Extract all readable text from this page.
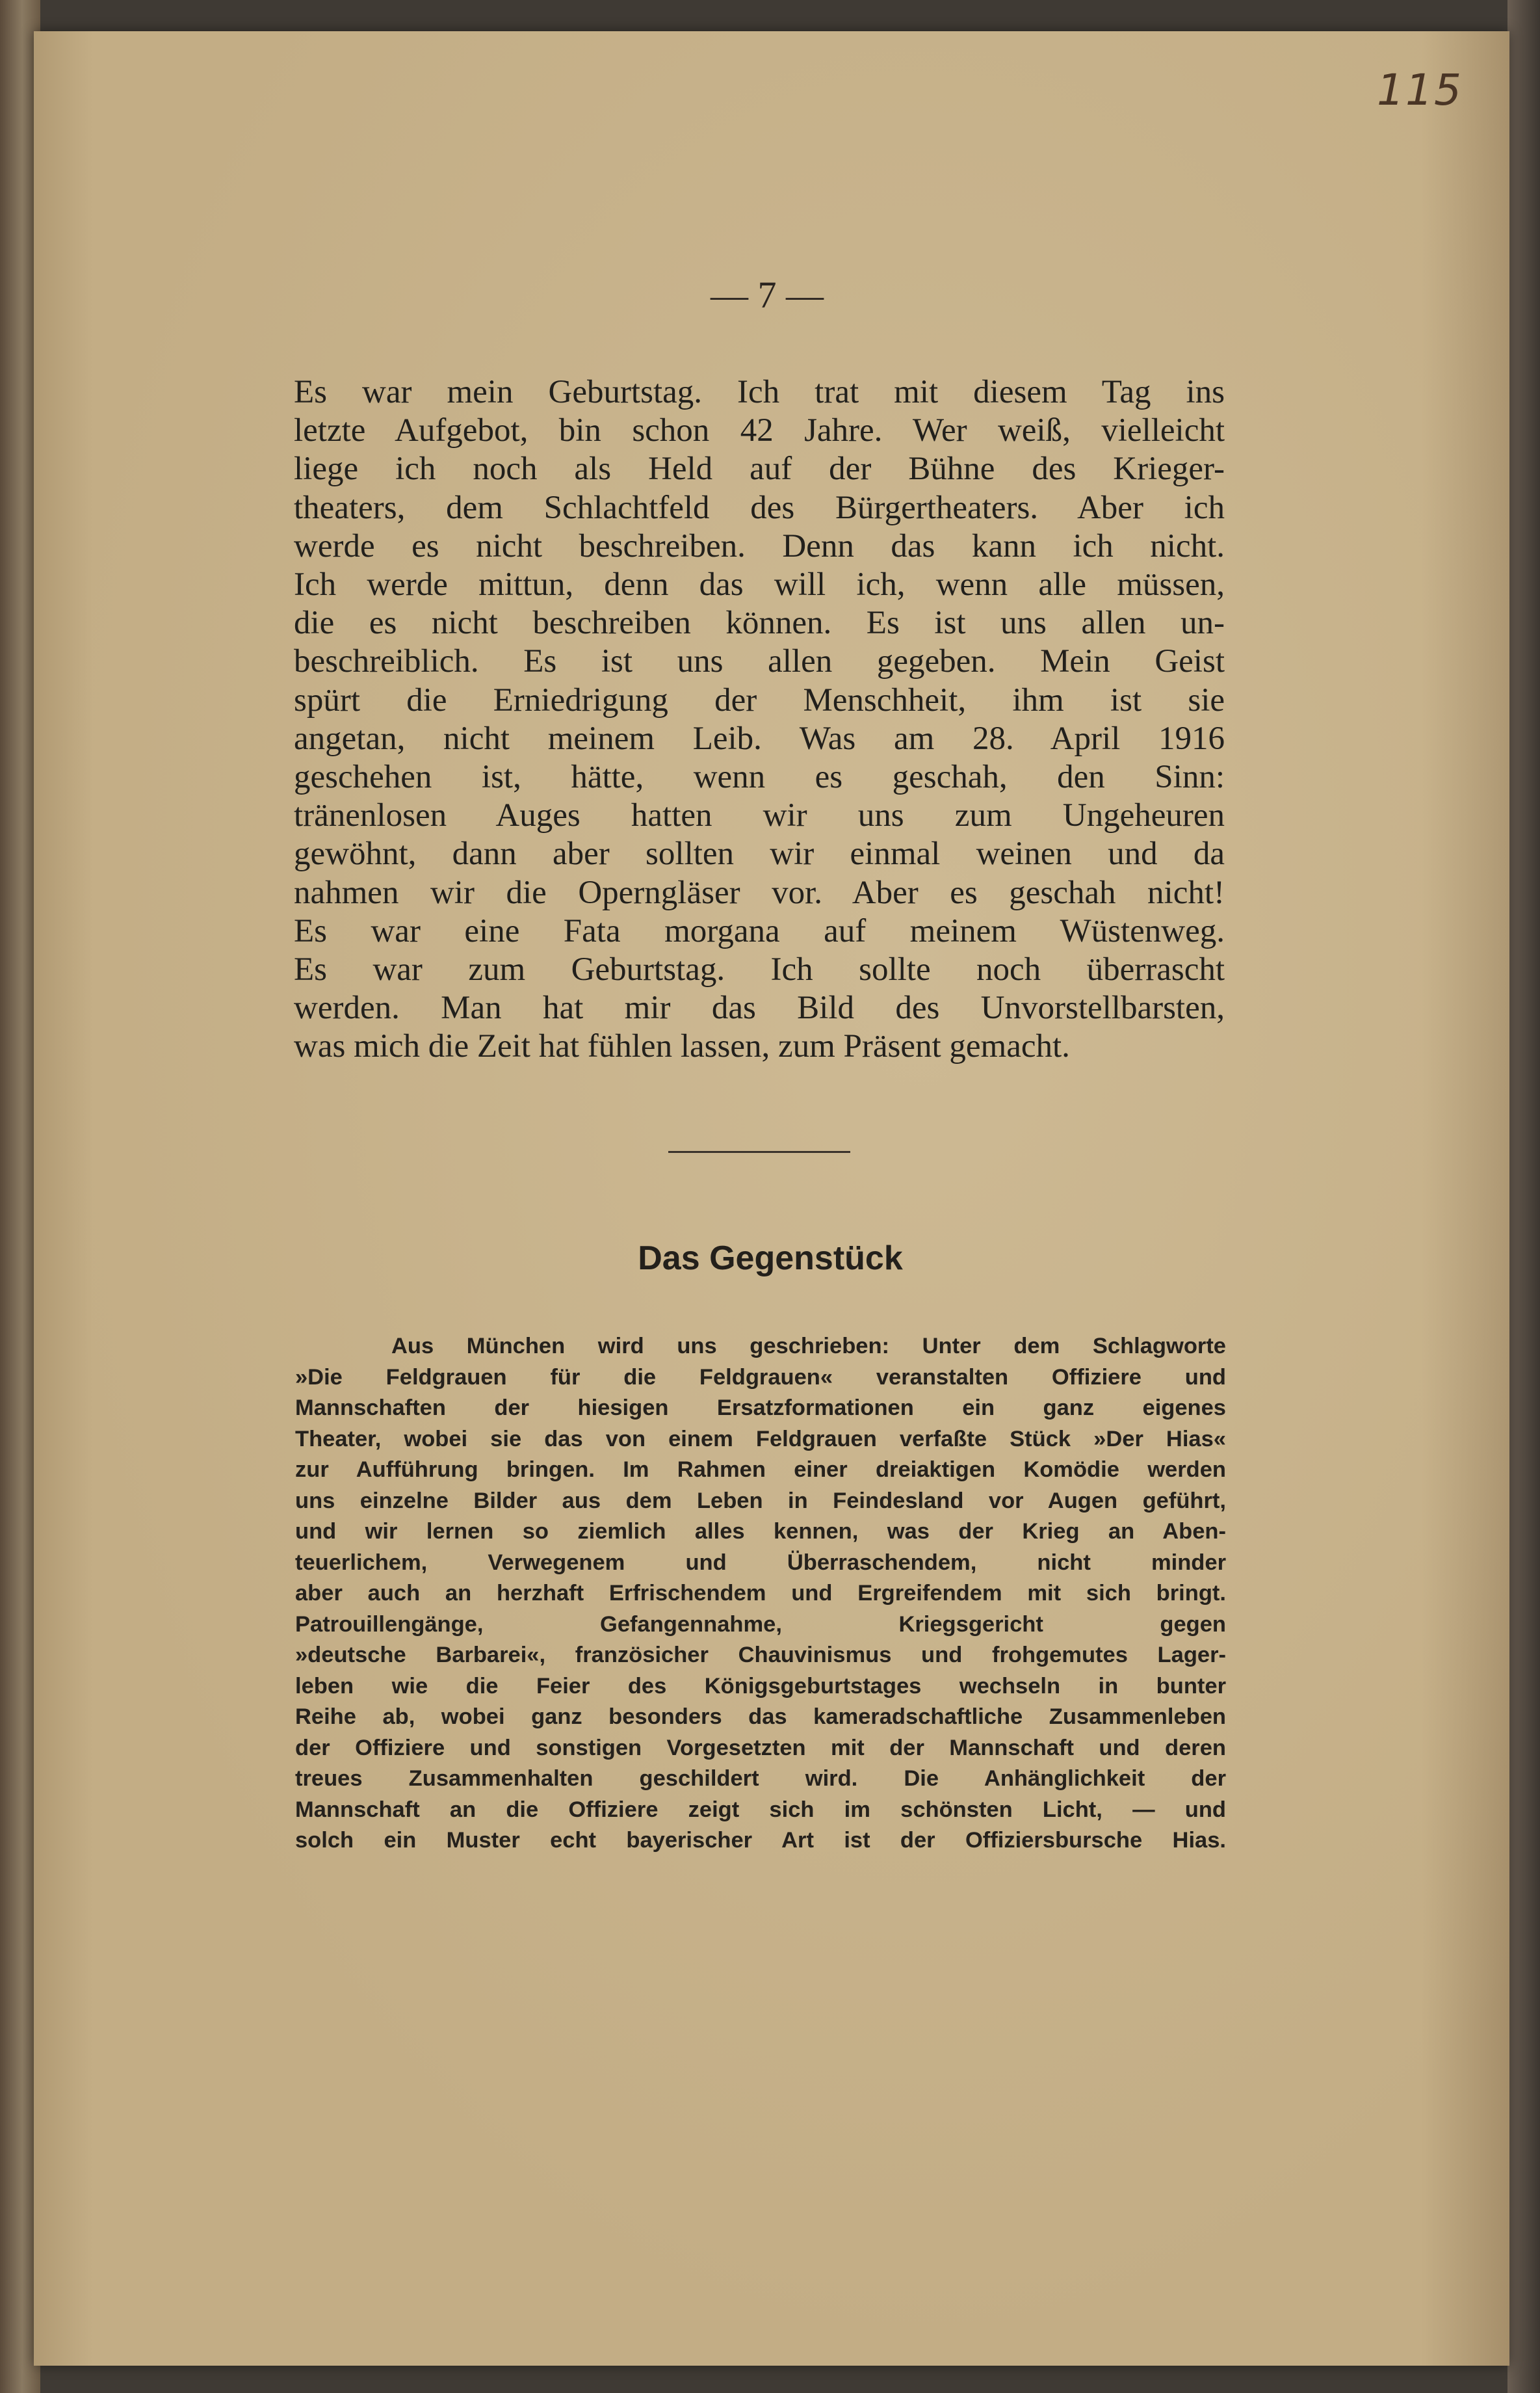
115
— 7 —
Es war mein Geburtstag. Ich trat mit diesem Tag ins
letzte Aufgebot, bin schon 42 Jahre. Wer weiß, vielleicht
liege ich noch als Held auf der Bühne des Krieger-
theaters, dem Schlachtfeld des Bürgertheaters. Aber ich
werde es nicht beschreiben. Denn das kann ich nicht.
Ich werde mittun, denn das will ich, wenn alle müssen,
die es nicht beschreiben können. Es ist uns allen un-
beschreiblich. Es ist uns allen gegeben. Mein Geist
spürt die Erniedrigung der Menschheit, ihm ist sie
angetan, nicht meinem Leib. Was am 28. April 1916
geschehen ist, hätte, wenn es geschah, den Sinn:
tränenlosen Auges hatten wir uns zum Ungeheuren
gewöhnt, dann aber sollten wir einmal weinen und da
nahmen wir die Operngläser vor. Aber es geschah nicht!
Es war eine Fata morgana auf meinem Wüstenweg.
Es war zum Geburtstag. Ich sollte noch überrascht
werden. Man hat mir das Bild des Unvorstellbarsten,
was mich die Zeit hat fühlen lassen, zum Präsent gemacht.
Das Gegenstück
Aus München wird uns geschrieben: Unter dem Schlagworte
»Die Feldgrauen für die Feldgrauen« veranstalten Offiziere und
Mannschaften der hiesigen Ersatzformationen ein ganz eigenes
Theater, wobei sie das von einem Feldgrauen verfaßte Stück »Der Hias«
zur Aufführung bringen. Im Rahmen einer dreiaktigen Komödie werden
uns einzelne Bilder aus dem Leben in Feindesland vor Augen geführt,
und wir lernen so ziemlich alles kennen, was der Krieg an Aben-
teuerlichem, Verwegenem und Überraschendem, nicht minder
aber auch an herzhaft Erfrischendem und Ergreifendem mit sich bringt.
Patrouillengänge, Gefangennahme, Kriegsgericht gegen
»deutsche Barbarei«, französicher Chauvinismus und frohgemutes Lager-
leben wie die Feier des Königsgeburtstages wechseln in bunter
Reihe ab, wobei ganz besonders das kameradschaftliche Zusammenleben
der Offiziere und sonstigen Vorgesetzten mit der Mannschaft und deren
treues Zusammenhalten geschildert wird. Die Anhänglichkeit der
Mannschaft an die Offiziere zeigt sich im schönsten Licht, — und
solch ein Muster echt bayerischer Art ist der Offiziersbursche Hias.
